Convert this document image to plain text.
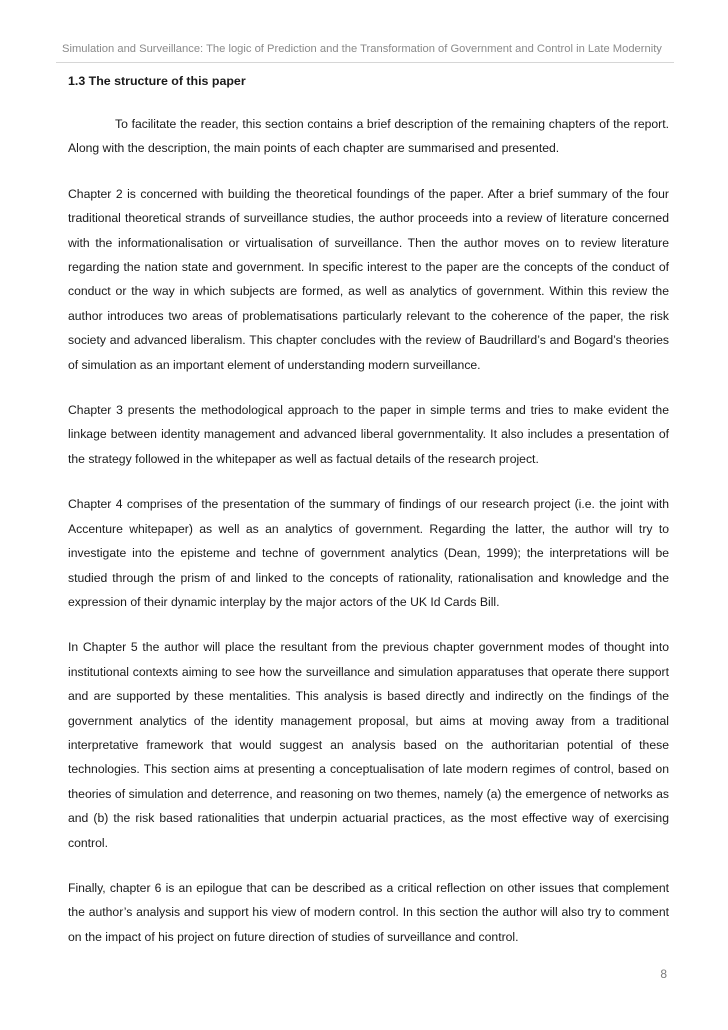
Simulation and Surveillance: The logic of Prediction and the Transformation of Government and Control in Late Modernity
1.3 The structure of this paper

To facilitate the reader, this section contains a brief description of the remaining chapters of the report. Along with the description, the main points of each chapter are summarised and presented.

Chapter 2 is concerned with building the theoretical foundings of the paper. After a brief summary of the four traditional theoretical strands of surveillance studies, the author proceeds into a review of literature concerned with the informationalisation or virtualisation of surveillance. Then the author moves on to review literature regarding the nation state and government. In specific interest to the paper are the concepts of the conduct of conduct or the way in which subjects are formed, as well as analytics of government. Within this review the author introduces two areas of problematisations particularly relevant to the coherence of the paper, the risk society and advanced liberalism. This chapter concludes with the review of Baudrillard’s and Bogard’s theories of simulation as an important element of understanding modern surveillance.

Chapter 3 presents the methodological approach to the paper in simple terms and tries to make evident the linkage between identity management and advanced liberal governmentality. It also includes a presentation of the strategy followed in the whitepaper as well as factual details of the research project.

Chapter 4 comprises of the presentation of the summary of findings of our research project (i.e. the joint with Accenture whitepaper) as well as an analytics of government. Regarding the latter, the author will try to investigate into the episteme and techne of government analytics (Dean, 1999); the interpretations will be studied through the prism of and linked to the concepts of rationality, rationalisation and knowledge and the expression of their dynamic interplay by the major actors of the UK Id Cards Bill.

In Chapter 5 the author will place the resultant from the previous chapter government modes of thought into institutional contexts aiming to see how the surveillance and simulation apparatuses that operate there support and are supported by these mentalities. This analysis is based directly and indirectly on the findings of the government analytics of the identity management proposal, but aims at moving away from a traditional interpretative framework that would suggest an analysis based on the authoritarian potential of these technologies. This section aims at presenting a conceptualisation of late modern regimes of control, based on theories of simulation and deterrence, and reasoning on two themes, namely (a) the emergence of networks as and (b) the risk based rationalities that underpin actuarial practices, as the most effective way of exercising control.

Finally, chapter 6 is an epilogue that can be described as a critical reflection on other issues that complement the author’s analysis and support his view of modern control. In this section the author will also try to comment on the impact of his project on future direction of studies of surveillance and control.

8
